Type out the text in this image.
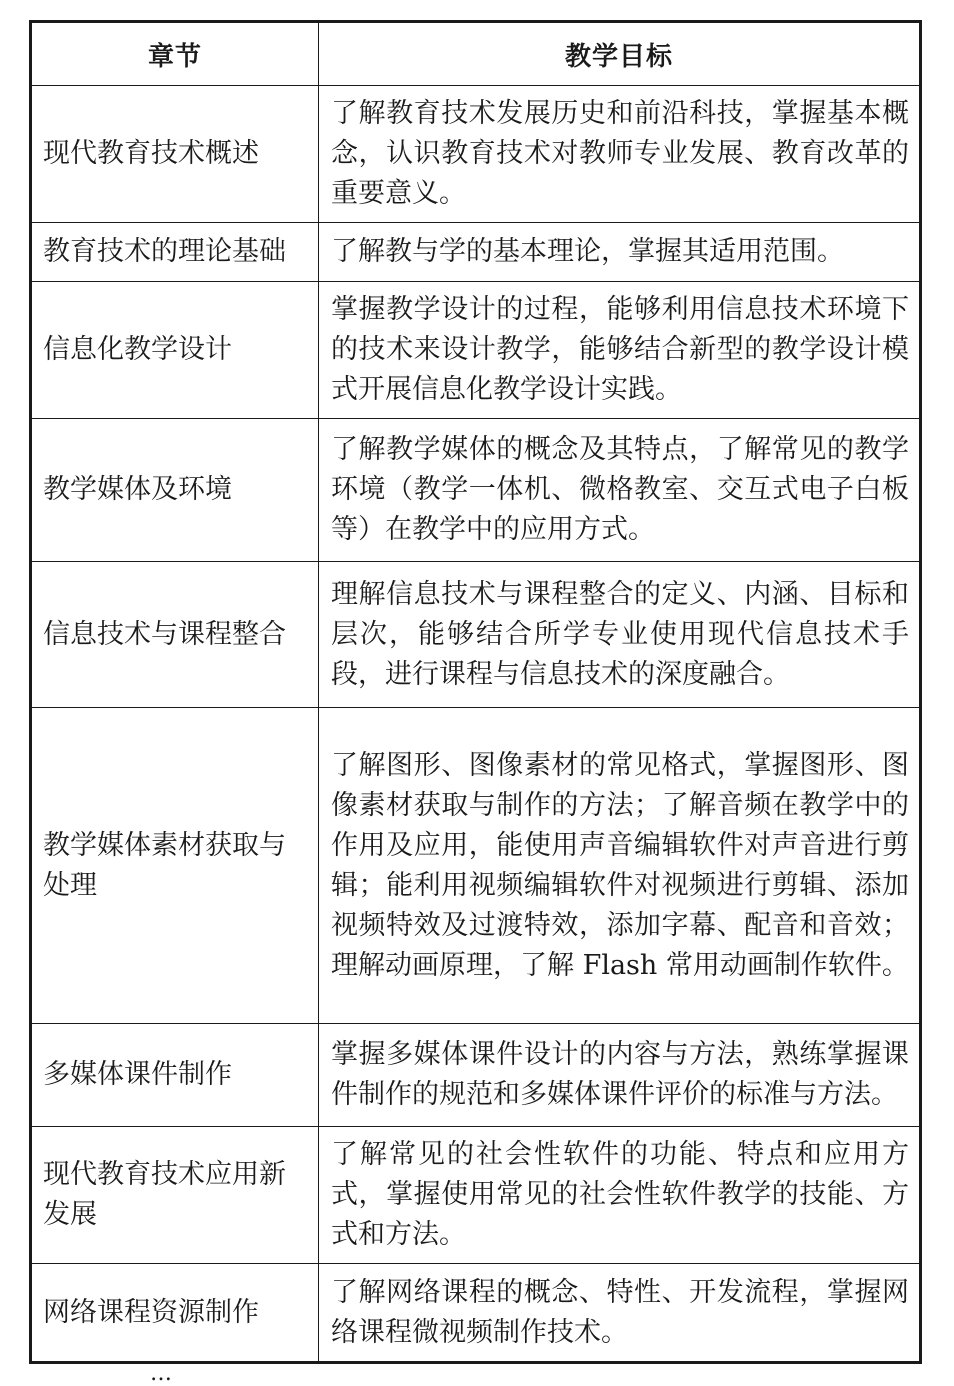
章节	教学目标
现代教育技术概述	了解教育技术发展历史和前沿科技，掌握基本概念，认识教育技术对教师专业发展、教育改革的重要意义。
教育技术的理论基础	了解教与学的基本理论，掌握其适用范围。
信息化教学设计	掌握教学设计的过程，能够利用信息技术环境下的技术来设计教学，能够结合新型的教学设计模式开展信息化教学设计实践。
教学媒体及环境	了解教学媒体的概念及其特点，了解常见的教学环境（教学一体机、微格教室、交互式电子白板等）在教学中的应用方式。
信息技术与课程整合	理解信息技术与课程整合的定义、内涵、目标和层次，能够结合所学专业使用现代信息技术手段，进行课程与信息技术的深度融合。
教学媒体素材获取与处理	了解图形、图像素材的常见格式，掌握图形、图像素材获取与制作的方法；了解音频在教学中的作用及应用，能使用声音编辑软件对声音进行剪辑；能利用视频编辑软件对视频进行剪辑、添加视频特效及过渡特效，添加字幕、配音和音效；理解动画原理，了解 Flash 常用动画制作软件。
多媒体课件制作	掌握多媒体课件设计的内容与方法，熟练掌握课件制作的规范和多媒体课件评价的标准与方法。
现代教育技术应用新发展	了解常见的社会性软件的功能、特点和应用方式，掌握使用常见的社会性软件教学的技能、方式和方法。
网络课程资源制作	了解网络课程的概念、特性、开发流程，掌握网络课程微视频制作技术。
…
